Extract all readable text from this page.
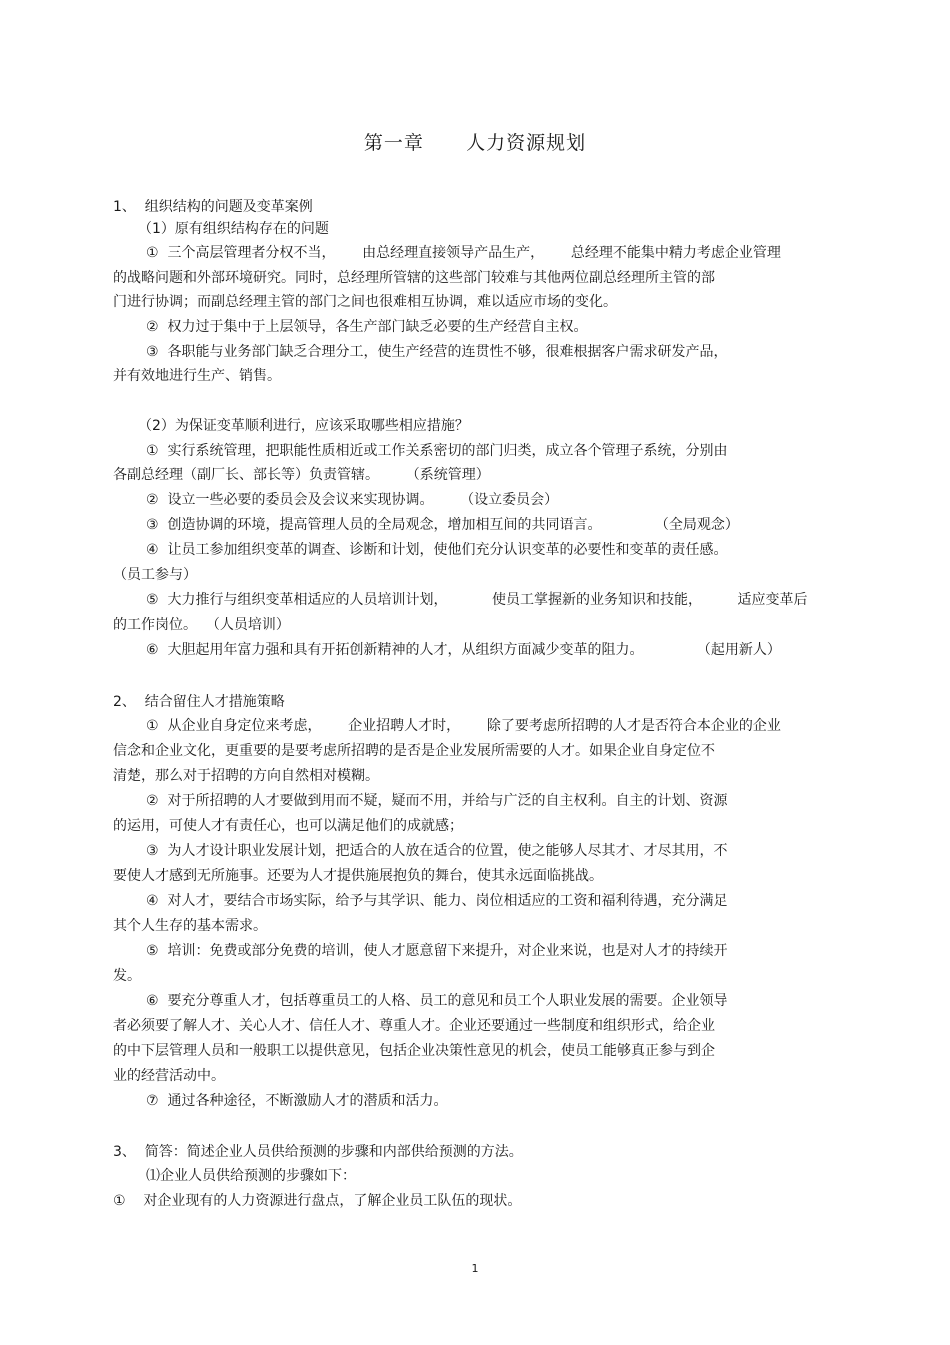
第一章      人力资源规划
1、  组织结构的问题及变革案例
（1）原有组织结构存在的问题
①  三个高层管理者分权不当，      由总经理直接领导产品生产，      总经理不能集中精力考虑企业管理
的战略问题和外部环境研究。同时，总经理所管辖的这些部门较难与其他两位副总经理所主管的部
门进行协调；而副总经理主管的部门之间也很难相互协调，难以适应市场的变化。
②  权力过于集中于上层领导，各生产部门缺乏必要的生产经营自主权。
③  各职能与业务部门缺乏合理分工，使生产经营的连贯性不够，很难根据客户需求研发产品，
并有效地进行生产、销售。
（2）为保证变革顺利进行，应该采取哪些相应措施？
①  实行系统管理，把职能性质相近或工作关系密切的部门归类，成立各个管理子系统，分别由
各副总经理（副厂长、部长等）负责管辖。      （系统管理）
②  设立一些必要的委员会及会议来实现协调。      （设立委员会）
③  创造协调的环境，提高管理人员的全局观念，增加相互间的共同语言。            （全局观念）
④  让员工参加组织变革的调查、诊断和计划，使他们充分认识变革的必要性和变革的责任感。
（员工参与）
⑤  大力推行与组织变革相适应的人员培训计划，          使员工掌握新的业务知识和技能，        适应变革后
的工作岗位。  （人员培训）
⑥  大胆起用年富力强和具有开拓创新精神的人才，从组织方面减少变革的阻力。            （起用新人）
2、  结合留住人才措施策略
①  从企业自身定位来考虑，      企业招聘人才时，      除了要考虑所招聘的人才是否符合本企业的企业
信念和企业文化，更重要的是要考虑所招聘的是否是企业发展所需要的人才。如果企业自身定位不
清楚，那么对于招聘的方向自然相对模糊。
②  对于所招聘的人才要做到用而不疑，疑而不用，并给与广泛的自主权利。自主的计划、资源
的运用，可使人才有责任心，也可以满足他们的成就感；
③  为人才设计职业发展计划，把适合的人放在适合的位置，使之能够人尽其才、才尽其用，不
要使人才感到无所施事。还要为人才提供施展抱负的舞台，使其永远面临挑战。
④  对人才，要结合市场实际，给予与其学识、能力、岗位相适应的工资和福利待遇，充分满足
其个人生存的基本需求。
⑤  培训：免费或部分免费的培训，使人才愿意留下来提升，对企业来说，也是对人才的持续开
发。
⑥  要充分尊重人才，包括尊重员工的人格、员工的意见和员工个人职业发展的需要。企业领导
者必须要了解人才、关心人才、信任人才、尊重人才。企业还要通过一些制度和组织形式，给企业
的中下层管理人员和一般职工以提供意见，包括企业决策性意见的机会，使员工能够真正参与到企
业的经营活动中。
⑦  通过各种途径，不断激励人才的潜质和活力。
3、  简答：简述企业人员供给预测的步骤和内部供给预测的方法。
⑴企业人员供给预测的步骤如下：
①    对企业现有的人力资源进行盘点，了解企业员工队伍的现状。
1
